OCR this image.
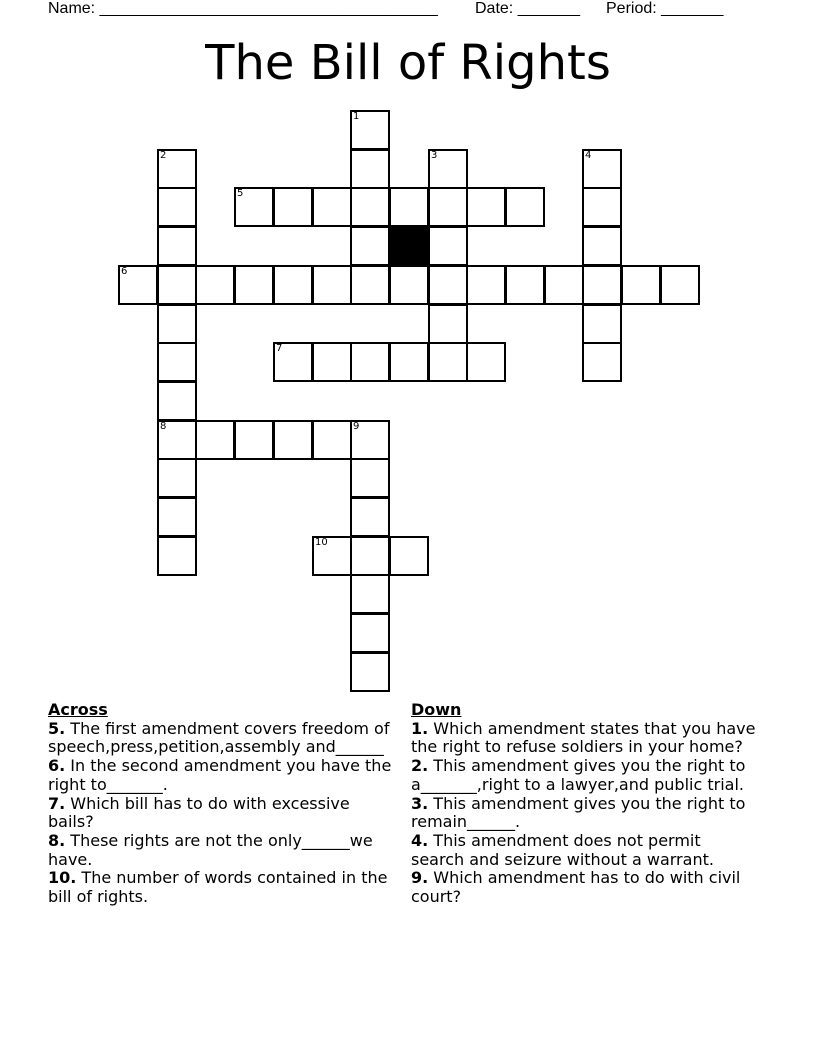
Name: ______________________________________ Date: _______ Period: _______
The Bill of Rights
5
6
7
8	9
10
1
2	3	4
Across

5. The first amendment covers freedom of speech,press,petition,assembly and______

6. In the second amendment you have the right to_______.

7. Which bill has to do with excessive bails?

8. These rights are not the only______we have.

10. The number of words contained in the bill of rights.

Down

1. Which amendment states that you have the right to refuse soldiers in your home?

2. This amendment gives you the right to a_______,right to a lawyer,and public trial.

3. This amendment gives you the right to remain______.

4. This amendment does not permit search and seizure without a warrant.

9. Which amendment has to do with civil court?
